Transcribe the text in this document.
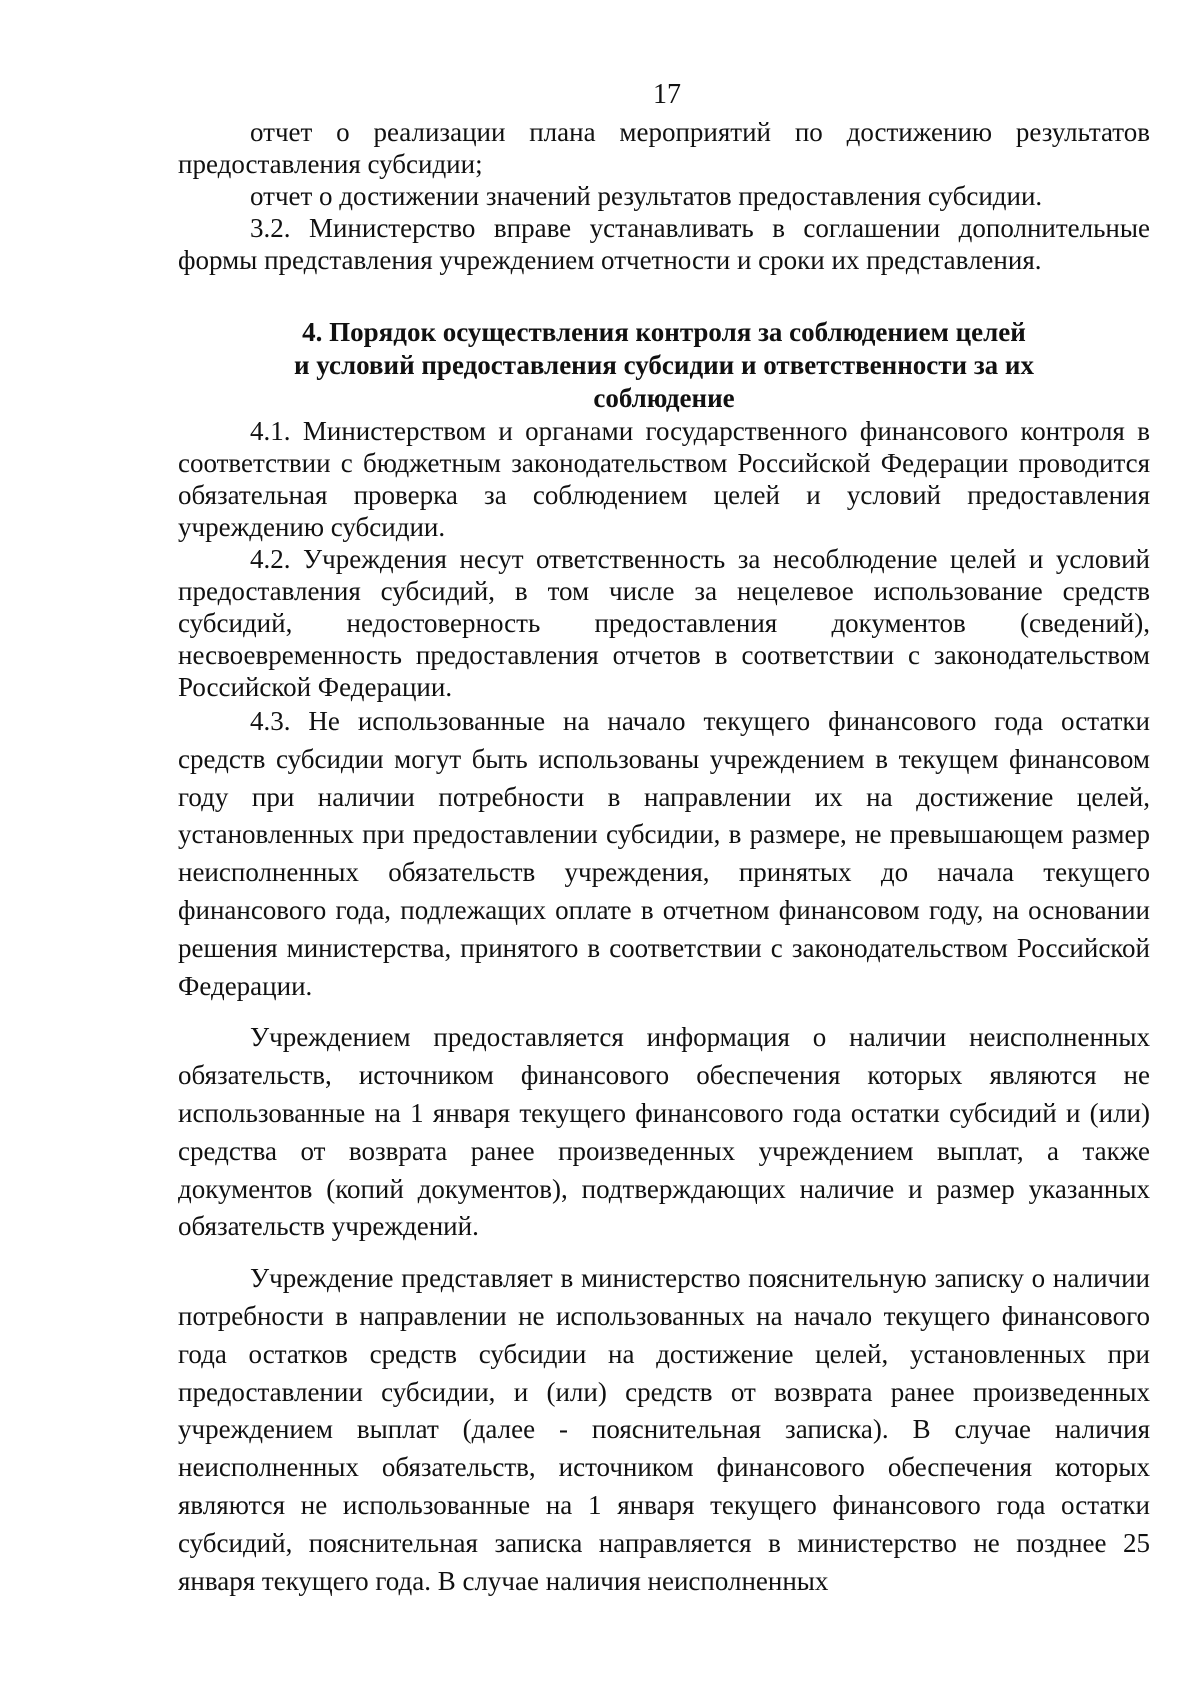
17

отчет о реализации плана мероприятий по достижению результатов предоставления субсидии;

отчет о достижении значений результатов предоставления субсидии.

3.2. Министерство вправе устанавливать в соглашении дополнительные формы представления учреждением отчетности и сроки их представления.

4. Порядок осуществления контроля за соблюдением целей
и условий предоставления субсидии и ответственности за их
соблюдение

4.1. Министерством и органами государственного финансового контроля в соответствии с бюджетным законодательством Российской Федерации проводится обязательная проверка за соблюдением целей и условий предоставления учреждению субсидии.

4.2. Учреждения несут ответственность за несоблюдение целей и условий предоставления субсидий, в том числе за нецелевое использование средств субсидий, недостоверность предоставления документов (сведений), несвоевременность предоставления отчетов в соответствии с законодательством Российской Федерации.

4.3. Не использованные на начало текущего финансового года остатки средств субсидии могут быть использованы учреждением в текущем финансовом году при наличии потребности в направлении их на достижение целей, установленных при предоставлении субсидии, в размере, не превышающем размер неисполненных обязательств учреждения, принятых до начала текущего финансового года, подлежащих оплате в отчетном финансовом году, на основании решения министерства, принятого в соответствии с законодательством Российской Федерации.

Учреждением предоставляется информация о наличии неисполненных обязательств, источником финансового обеспечения которых являются не использованные на 1 января текущего финансового года остатки субсидий и (или) средства от возврата ранее произведенных учреждением выплат, а также документов (копий документов), подтверждающих наличие и размер указанных обязательств учреждений.

Учреждение представляет в министерство пояснительную записку о наличии потребности в направлении не использованных на начало текущего финансового года остатков средств субсидии на достижение целей, установленных при предоставлении субсидии, и (или) средств от возврата ранее произведенных учреждением выплат (далее - пояснительная записка). В случае наличия неисполненных обязательств, источником финансового обеспечения которых являются не использованные на 1 января текущего финансового года остатки субсидий, пояснительная записка направляется в министерство не позднее 25 января текущего года. В случае наличия неисполненных
